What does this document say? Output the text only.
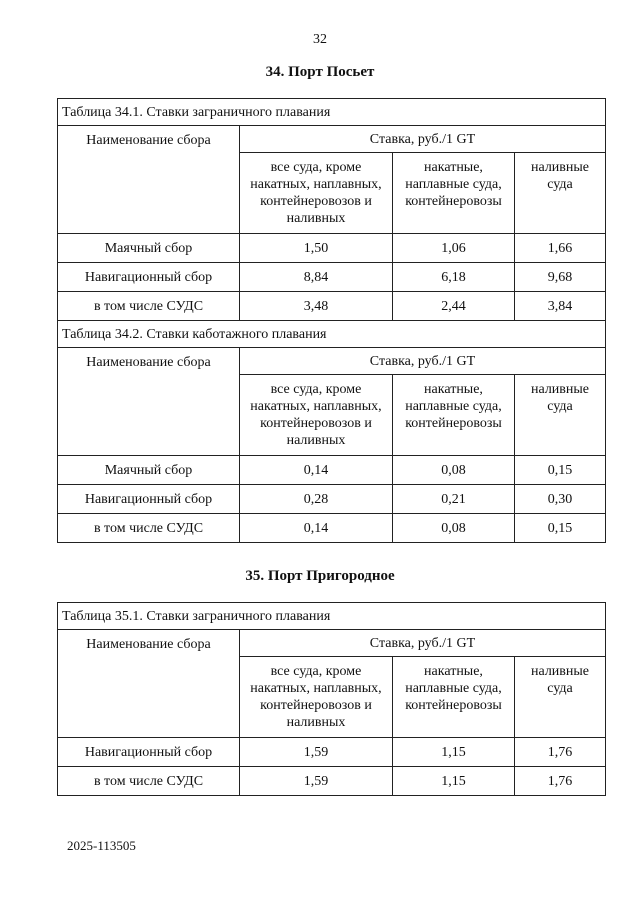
32
34. Порт Посьет
Таблица 34.1. Ставки заграничного плавания			
Наименование сбора	Ставка, руб./1 GT		
	все суда, кроме накатных, наплавных, контейнеровозов и наливных	накатные, наплавные суда, контейнеровозы	наливные суда
Маячный сбор	1,50	1,06	1,66
Навигационный сбор	8,84	6,18	9,68
в том числе СУДС	3,48	2,44	3,84
Таблица 34.2. Ставки каботажного плавания			
Наименование сбора	Ставка, руб./1 GT		
	все суда, кроме накатных, наплавных, контейнеровозов и наливных	накатные, наплавные суда, контейнеровозы	наливные суда
Маячный сбор	0,14	0,08	0,15
Навигационный сбор	0,28	0,21	0,30
в том числе СУДС	0,14	0,08	0,15
35. Порт Пригородное
Таблица 35.1. Ставки заграничного плавания			
Наименование сбора	Ставка, руб./1 GT		
	все суда, кроме накатных, наплавных, контейнеровозов и наливных	накатные, наплавные суда, контейнеровозы	наливные суда
Навигационный сбор	1,59	1,15	1,76
в том числе СУДС	1,59	1,15	1,76
2025-113505
